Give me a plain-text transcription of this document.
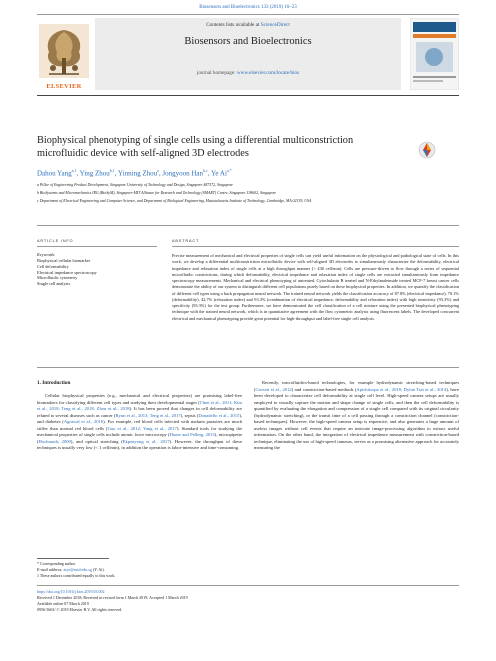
Biosensors and Bioelectronics 133 (2019) 16–23
ELSEVIER
Contents lists available at ScienceDirect
Biosensors and Bioelectronics
journal homepage: www.elsevier.com/locate/bios
Biophysical phenotyping of single cells using a differential multiconstriction
microfluidic device with self-aligned 3D electrodes
Dahou Yang$^{a,1}$, Ying Zhou$^{b,1}$, Yinning Zhou$^a$, Jongyoon Han$^{b,c}$, Ye $Ai^{a,*}$
a Pillar of Engineering Product Development, Singapore University of Technology and Design, Singapore 487372, Singapore
b BioSystems and Micromechanics IRG (BioSyM), Singapore-MIT Alliance for Research and Technology (SMART) Centre, Singapore 138602, Singapore
c Department of Electrical Engineering and Computer Science, and Department of Biological Engineering, Massachusetts Institute of Technology, Cambridge, MA 02139, USA
ARTICLE INFO	ABSTRACT
Keywords:
Biophysical cellular biomarker
Cell deformability
Electrical impedance spectroscopy
Microfluidic cytometry
Single cell analysis
Precise measurement of mechanical and electrical properties of single cells can yield useful information on the physiological and pathological state of cells. In this work, we develop a differential multiconstriction microfluidic device with self-aligned 3D electrodes to simultaneously characterize the deformability, electrical impedance and relaxation index of single cells at a high throughput manner (> 430 cell/min). Cells are pressure-driven to flow through a series of sequential microfluidic constrictions, during which deformability, electrical impedance and relaxation index of single cells are extracted simultaneously from impedance spectroscopy measurements. Mechanical and electrical phenotyping of untreated, Cytochalasin B treated and N-Ethylmaleimide treated MCF-7 breast cancer cells demonstrate the ability of our system to distinguish different cell populations purely based on these biophysical properties. In addition, we quantify the classification of different cell types using a back propagation neural network. The trained neural network yields the classification accuracy of 87.8% (electrical impedance), 70.1% (deformability), 42.7% (relaxation index) and 93.3% (combination of electrical impedance, deformability and relaxation index) with high sensitivity (93.3%) and specificity (93.3%) for the test group. Furthermore, we have demonstrated the cell classification of a cell mixture using the presented biophysical phenotyping technique with the trained neural network, which is in quantitative agreement with the flow cytometric analysis using fluorescent labels. The developed concurrent electrical and mechanical phenotyping provide great potential for high-throughput and label-free single cell analysis.
1. Introduction
Cellular biophysical properties (e.g., mechanical and electrical properties) are promising label-free biomarkers for classifying different cell types and studying their developmental stages (Chen et al., 2011; Kim et al., 2018; Teng et al., 2018; Zhou et al., 2018). It has been proved that changes in cell deformability are related to several diseases such as cancer (Byun et al., 2013; Teng et al., 2017), sepsis (Donadello et al., 2015), and diabetes (Agrawal et al., 2016). For example, red blood cells infected with malaria parasites are much stiffer than normal red blood cells (Guo et al., 2012; Yang et al., 2017). Standard tools for studying the mechanical properties of single cells include atomic force microscopy (Haase and Pelling, 2015), micropipette (Hochmuth, 2000), and optical stretching (Ekpenyong et al., 2017). However, the throughput of these techniques is usually very low (< 1 cell/min), in addition the operation is labor-intensive and time-consuming.
Recently, microfluidics-based technologies, for example hydrodynamic stretching-based techniques (Gossett et al., 2012) and constriction-based methods (Apichitsopa et al., 2018; Dylan Tsai et al., 2014), have been developed to characterize cell deformability at single cell level. High-speed camera setups are usually employed to visually capture the motion and shape change of single cells, and then the cell deformability is quantified by evaluating the elongation and compression of a single cell compared with its original circularity (hydrodynamic stretching), or the transit time of a cell passing through a constriction channel (constriction-based techniques). However, the high-speed camera setup is expensive, and also generates a huge amount of useless images without cell events that require an intricate image-processing algorithm to extract useful information. On the other hand, the integration of electrical impedance measurement with constriction-based technique, eliminating the use of high-speed cameras, serves as a promising alternative approach for accurately measuring the
* Corresponding author.
E-mail address: aiye@sutd.edu.sg (Y. Ai).
1 These authors contributed equally to this work.
https://doi.org/10.1016/j.bios.2019.03.002
Received 1 December 2018; Received in revised form 1 March 2019; Accepted 1 March 2019
Available online 07 March 2019
0956-5663/ © 2019 Elsevier B.V. All rights reserved.
